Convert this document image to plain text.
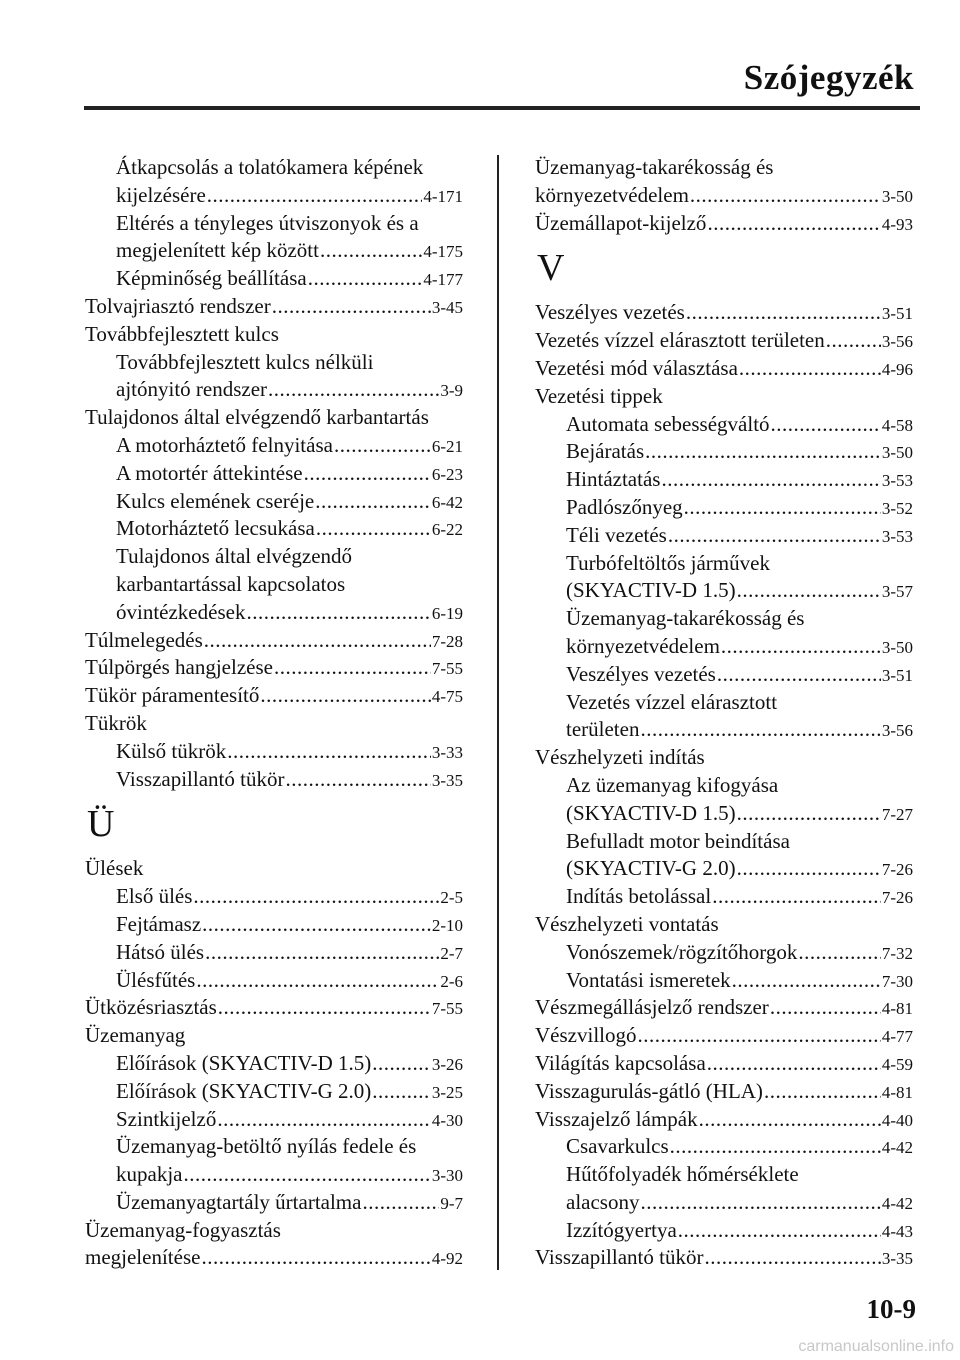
Szójegyzék
Átkapcsolás a tolatókamera képének
kijelzésére .....	4-171
Eltérés a tényleges útviszonyok és a
megjelenített kép között .....	4-175
Képminőség beállítása .....	4-177
Tolvajriasztó rendszer .....	3-45
Továbbfejlesztett kulcs
Továbbfejlesztett kulcs nélküli
ajtónyitó rendszer .....	3-9
Tulajdonos által elvégzendő karbantartás
A motorháztető felnyitása .....	6-21
A motortér áttekintése .....	6-23
Kulcs elemének cseréje .....	6-42
Motorháztető lecsukása .....	6-22
Tulajdonos által elvégzendő
karbantartással kapcsolatos
óvintézkedések .....	6-19
Túlmelegedés .....	7-28
Túlpörgés hangjelzése .....	7-55
Tükör páramentesítő .....	4-75
Tükrök
Külső tükrök .....	3-33
Visszapillantó tükör .....	3-35
Ü
Ülések
Első ülés .....	2-5
Fejtámasz .....	2-10
Hátsó ülés .....	2-7
Ülésfűtés .....	2-6
Ütközésriasztás .....	7-55
Üzemanyag
Előírások (SKYACTIV-D 1.5) .....	3-26
Előírások (SKYACTIV-G 2.0) .....	3-25
Szintkijelző .....	4-30
Üzemanyag-betöltő nyílás fedele és
kupakja .....	3-30
Üzemanyagtartály űrtartalma .....	9-7
Üzemanyag-fogyasztás
megjelenítése .....	4-92
Üzemanyag-takarékosság és
környezetvédelem .....	3-50
Üzemállapot-kijelző .....	4-93
V
Veszélyes vezetés .....	3-51
Vezetés vízzel elárasztott területen .....	3-56
Vezetési mód választása .....	4-96
Vezetési tippek
Automata sebességváltó .....	4-58
Bejáratás .....	3-50
Hintáztatás .....	3-53
Padlószőnyeg .....	3-52
Téli vezetés .....	3-53
Turbófeltöltős járművek
(SKYACTIV-D 1.5) .....	3-57
Üzemanyag-takarékosság és
környezetvédelem .....	3-50
Veszélyes vezetés .....	3-51
Vezetés vízzel elárasztott
területen .....	3-56
Vészhelyzeti indítás
Az üzemanyag kifogyása
(SKYACTIV-D 1.5) .....	7-27
Befulladt motor beindítása
(SKYACTIV-G 2.0) .....	7-26
Indítás betolással .....	7-26
Vészhelyzeti vontatás
Vonószemek/rögzítőhorgok .....	7-32
Vontatási ismeretek .....	7-30
Vészmegállásjelző rendszer .....	4-81
Vészvillogó .....	4-77
Világítás kapcsolása .....	4-59
Visszagurulás-gátló (HLA) .....	4-81
Visszajelző lámpák .....	4-40
Csavarkulcs .....	4-42
Hűtőfolyadék hőmérséklete
alacsony .....	4-42
Izzítógyertya .....	4-43
Visszapillantó tükör .....	3-35
10-9
carmanualsonline.info
